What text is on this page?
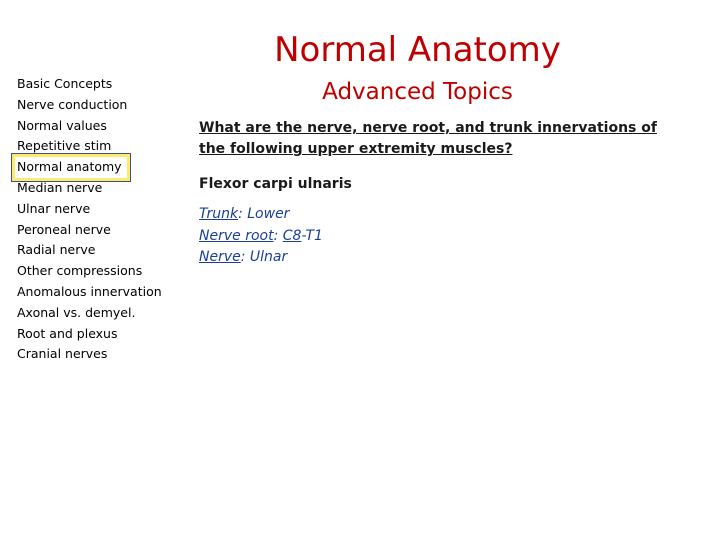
Normal Anatomy
Advanced Topics
Basic Concepts
Nerve conduction
Normal values
Repetitive stim
Normal anatomy
Median nerve
Ulnar nerve
Peroneal nerve
Radial nerve
Other compressions
Anomalous innervation
Axonal vs. demyel.
Root and plexus
Cranial nerves
What are the nerve, nerve root, and trunk innervations of the following upper extremity muscles?
Flexor carpi ulnaris
Trunk: Lower
Nerve root: C8-T1
Nerve: Ulnar
